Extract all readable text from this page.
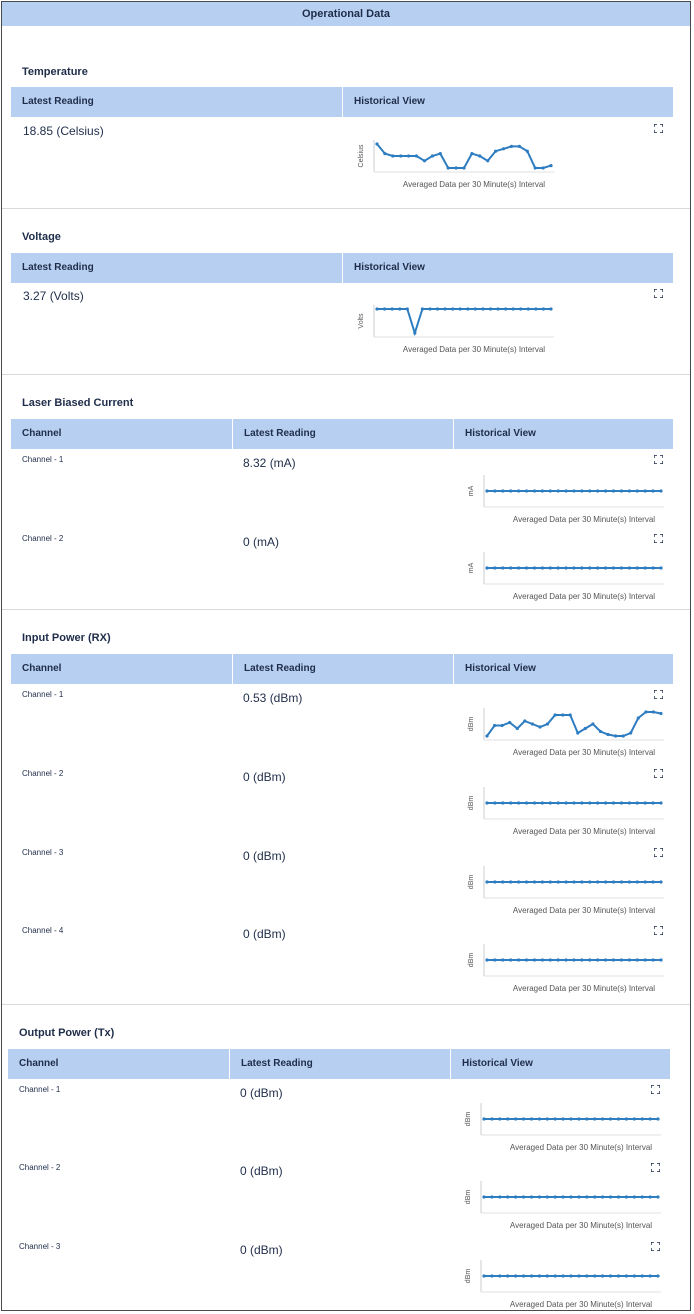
Operational Data
Temperature
Latest Reading	Historical View
18.85 (Celsius)
Celsius
Averaged Data per 30 Minute(s) Interval
Voltage
Latest Reading	Historical View
3.27 (Volts)
Volts
Averaged Data per 30 Minute(s) Interval
Laser Biased Current
Channel	Latest Reading	Historical View
Channel - 1	8.32 (mA)
mA
Averaged Data per 30 Minute(s) Interval
Channel - 2	0 (mA)
mA
Averaged Data per 30 Minute(s) Interval
Input Power (RX)
Channel	Latest Reading	Historical View
Channel - 1	0.53 (dBm)
dBm
Averaged Data per 30 Minute(s) Interval
Channel - 2	0 (dBm)
dBm
Averaged Data per 30 Minute(s) Interval
Channel - 3	0 (dBm)
dBm
Averaged Data per 30 Minute(s) Interval
Channel - 4	0 (dBm)
dBm
Averaged Data per 30 Minute(s) Interval
Output Power (Tx)
Channel	Latest Reading	Historical View
Channel - 1	0 (dBm)
dBm
Averaged Data per 30 Minute(s) Interval
Channel - 2	0 (dBm)
dBm
Averaged Data per 30 Minute(s) Interval
Channel - 3	0 (dBm)
dBm
Averaged Data per 30 Minute(s) Interval
